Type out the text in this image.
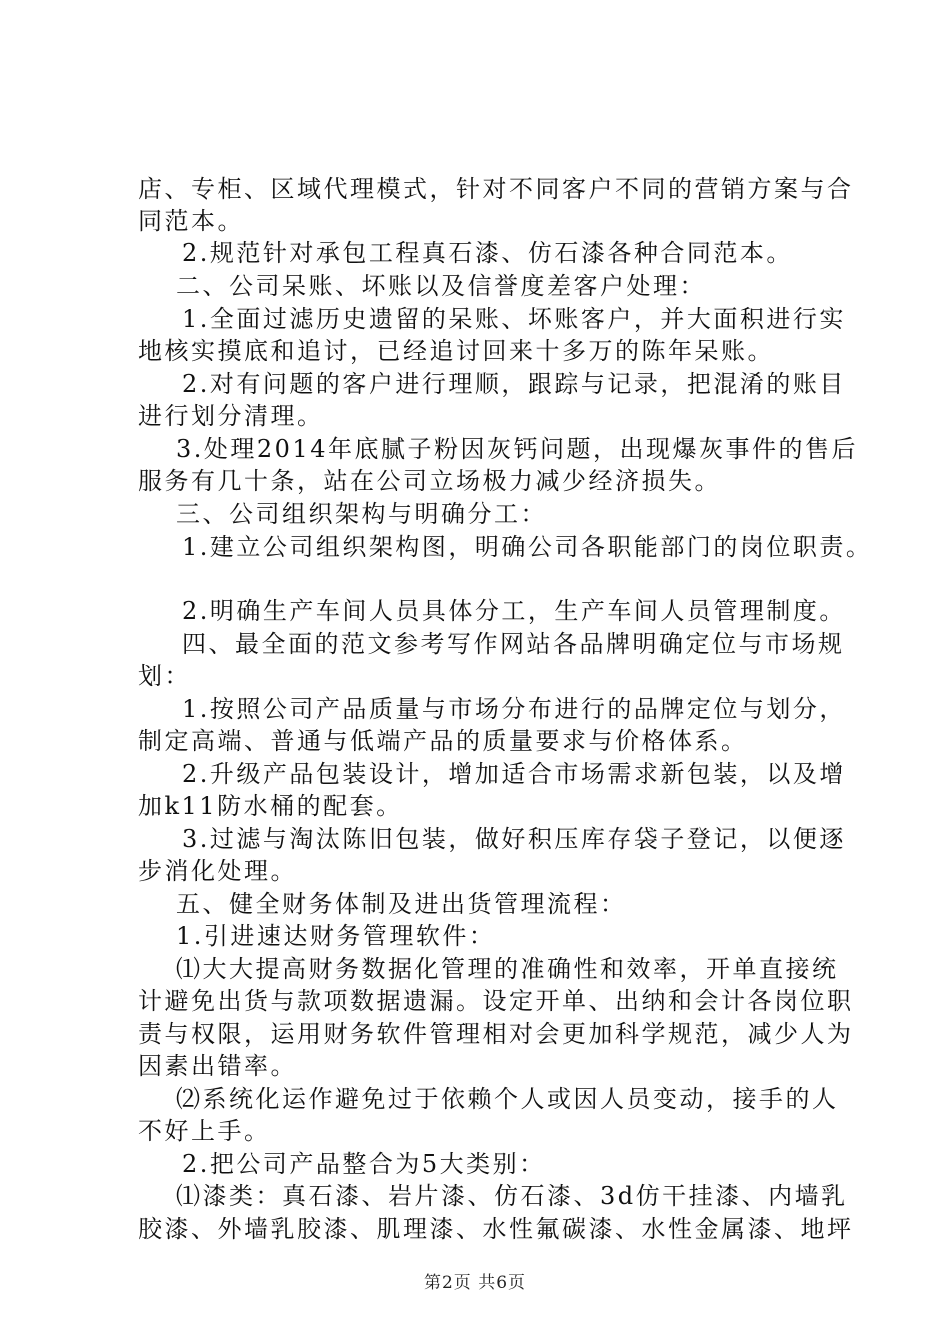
店、专柜、区域代理模式，针对不同客户不同的营销方案与合
同范本。
2.规范针对承包工程真石漆、仿石漆各种合同范本。
二、公司呆账、坏账以及信誉度差客户处理：
1.全面过滤历史遗留的呆账、坏账客户，并大面积进行实
地核实摸底和追讨，已经追讨回来十多万的陈年呆账。
2.对有问题的客户进行理顺，跟踪与记录，把混淆的账目
进行划分清理。
3.处理2014年底腻子粉因灰钙问题，出现爆灰事件的售后
服务有几十条，站在公司立场极力减少经济损失。
三、公司组织架构与明确分工：
1.建立公司组织架构图，明确公司各职能部门的岗位职责。
2.明确生产车间人员具体分工，生产车间人员管理制度。
四、最全面的范文参考写作网站各品牌明确定位与市场规
划：
1.按照公司产品质量与市场分布进行的品牌定位与划分，
制定高端、普通与低端产品的质量要求与价格体系。
2.升级产品包装设计，增加适合市场需求新包装，以及增
加k11防水桶的配套。
3.过滤与淘汰陈旧包装，做好积压库存袋子登记，以便逐
步消化处理。
五、健全财务体制及进出货管理流程：
1.引进速达财务管理软件：
⑴大大提高财务数据化管理的准确性和效率，开单直接统
计避免出货与款项数据遗漏。设定开单、出纳和会计各岗位职
责与权限，运用财务软件管理相对会更加科学规范，减少人为
因素出错率。
⑵系统化运作避免过于依赖个人或因人员变动，接手的人
不好上手。
2.把公司产品整合为5大类别：
⑴漆类：真石漆、岩片漆、仿石漆、3d仿干挂漆、内墙乳
胶漆、外墙乳胶漆、肌理漆、水性氟碳漆、水性金属漆、地坪
第2页 共6页
